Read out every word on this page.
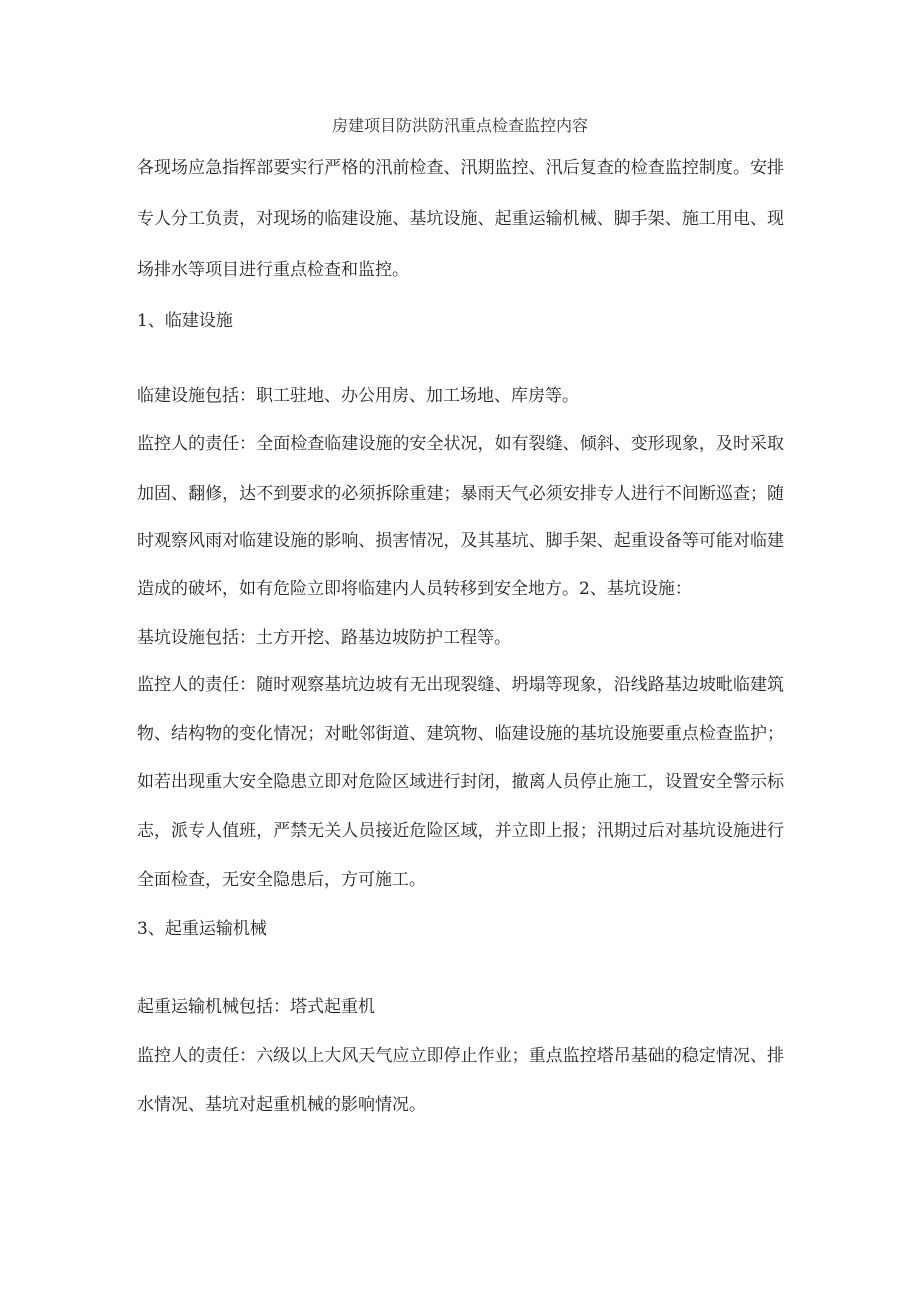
房建项目防洪防汛重点检查监控内容
各现场应急指挥部要实行严格的汛前检查、汛期监控、汛后复查的检查监控制度。安排
专人分工负责，对现场的临建设施、基坑设施、起重运输机械、脚手架、施工用电、现
场排水等项目进行重点检查和监控。
1、临建设施
临建设施包括：职工驻地、办公用房、加工场地、库房等。
监控人的责任：全面检查临建设施的安全状况，如有裂缝、倾斜、变形现象，及时采取
加固、翻修，达不到要求的必须拆除重建；暴雨天气必须安排专人进行不间断巡查；随
时观察风雨对临建设施的影响、损害情况，及其基坑、脚手架、起重设备等可能对临建
造成的破坏，如有危险立即将临建内人员转移到安全地方。2、基坑设施：
基坑设施包括：土方开挖、路基边坡防护工程等。
监控人的责任：随时观察基坑边坡有无出现裂缝、坍塌等现象，沿线路基边坡毗临建筑
物、结构物的变化情况；对毗邻街道、建筑物、临建设施的基坑设施要重点检查监护；
如若出现重大安全隐患立即对危险区域进行封闭，撤离人员停止施工，设置安全警示标
志，派专人值班，严禁无关人员接近危险区域，并立即上报；汛期过后对基坑设施进行
全面检查，无安全隐患后，方可施工。
3、起重运输机械
起重运输机械包括：塔式起重机
监控人的责任：六级以上大风天气应立即停止作业；重点监控塔吊基础的稳定情况、排
水情况、基坑对起重机械的影响情况。
